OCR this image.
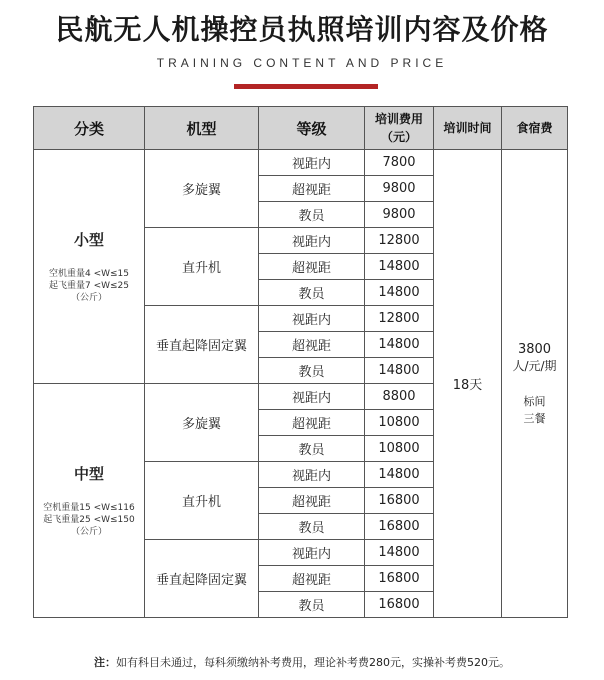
民航无人机操控员执照培训内容及价格
TRAINING CONTENT AND PRICE
分类	机型	等级	培训费用
（元）	培训时间	食宿费

小型
空机重量4 <W≤15
起飞重量7 <W≤25
（公斤）	多旋翼	视距内	7800	18天	3800
人/元/期
标间
三餐

		超视距	9800		
		教员	9800		
	直升机	视距内	12800		
		超视距	14800		
		教员	14800		
	垂直起降固定翼	视距内	12800		
		超视距	14800		
		教员	14800		

中型
空机重量15 <W≤116
起飞重量25 <W≤150
（公斤）	多旋翼	视距内	8800		
		超视距	10800		
		教员	10800		
	直升机	视距内	14800		
		超视距	16800		
		教员	16800		
	垂直起降固定翼	视距内	14800		
		超视距	16800		
		教员	16800		
注：如有科目未通过，每科须缴纳补考费用，理论补考费280元，实操补考费520元。
